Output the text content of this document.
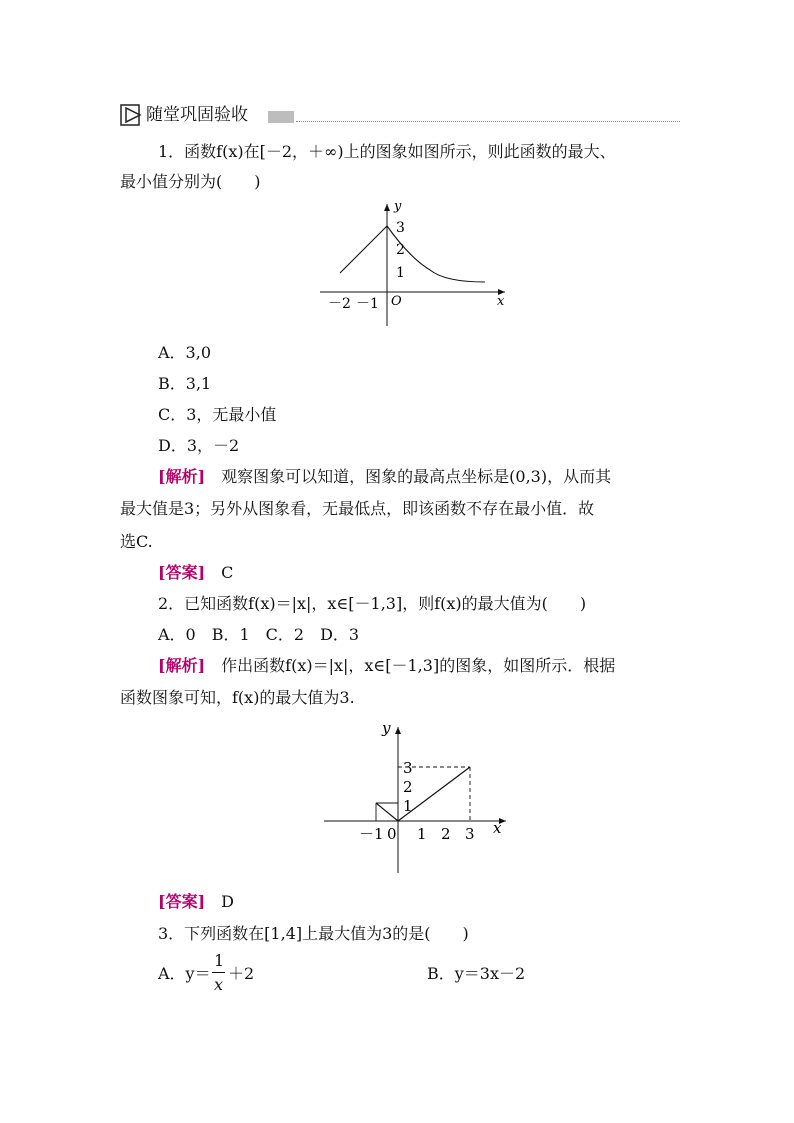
随堂巩固验收
1．函数f(x)在[－2，＋∞)上的图象如图所示，则此函数的最大、
最小值分别为(　　)
y
x
O
3
2
1
－2 －1
A．3,0
B．3,1
C．3，无最小值
D．3，－2
[解析]　观察图象可以知道，图象的最高点坐标是(0,3)，从而其
最大值是3；另外从图象看，无最低点，即该函数不存在最小值．故
选C.
[答案]　C
2．已知函数f(x)＝|x|，x∈[－1,3]，则f(x)的最大值为(　　)
A．0　B．1　C．2　D．3
[解析]　作出函数f(x)＝|x|，x∈[－1,3]的图象，如图所示．根据
函数图象可知，f(x)的最大值为3.
y
x
3
2
1
－1 0 1 2 3
[答案]　D
3．下列函数在[1,4]上最大值为3的是(　　)
A．y＝
1
x
＋2	B．y＝3x－2
